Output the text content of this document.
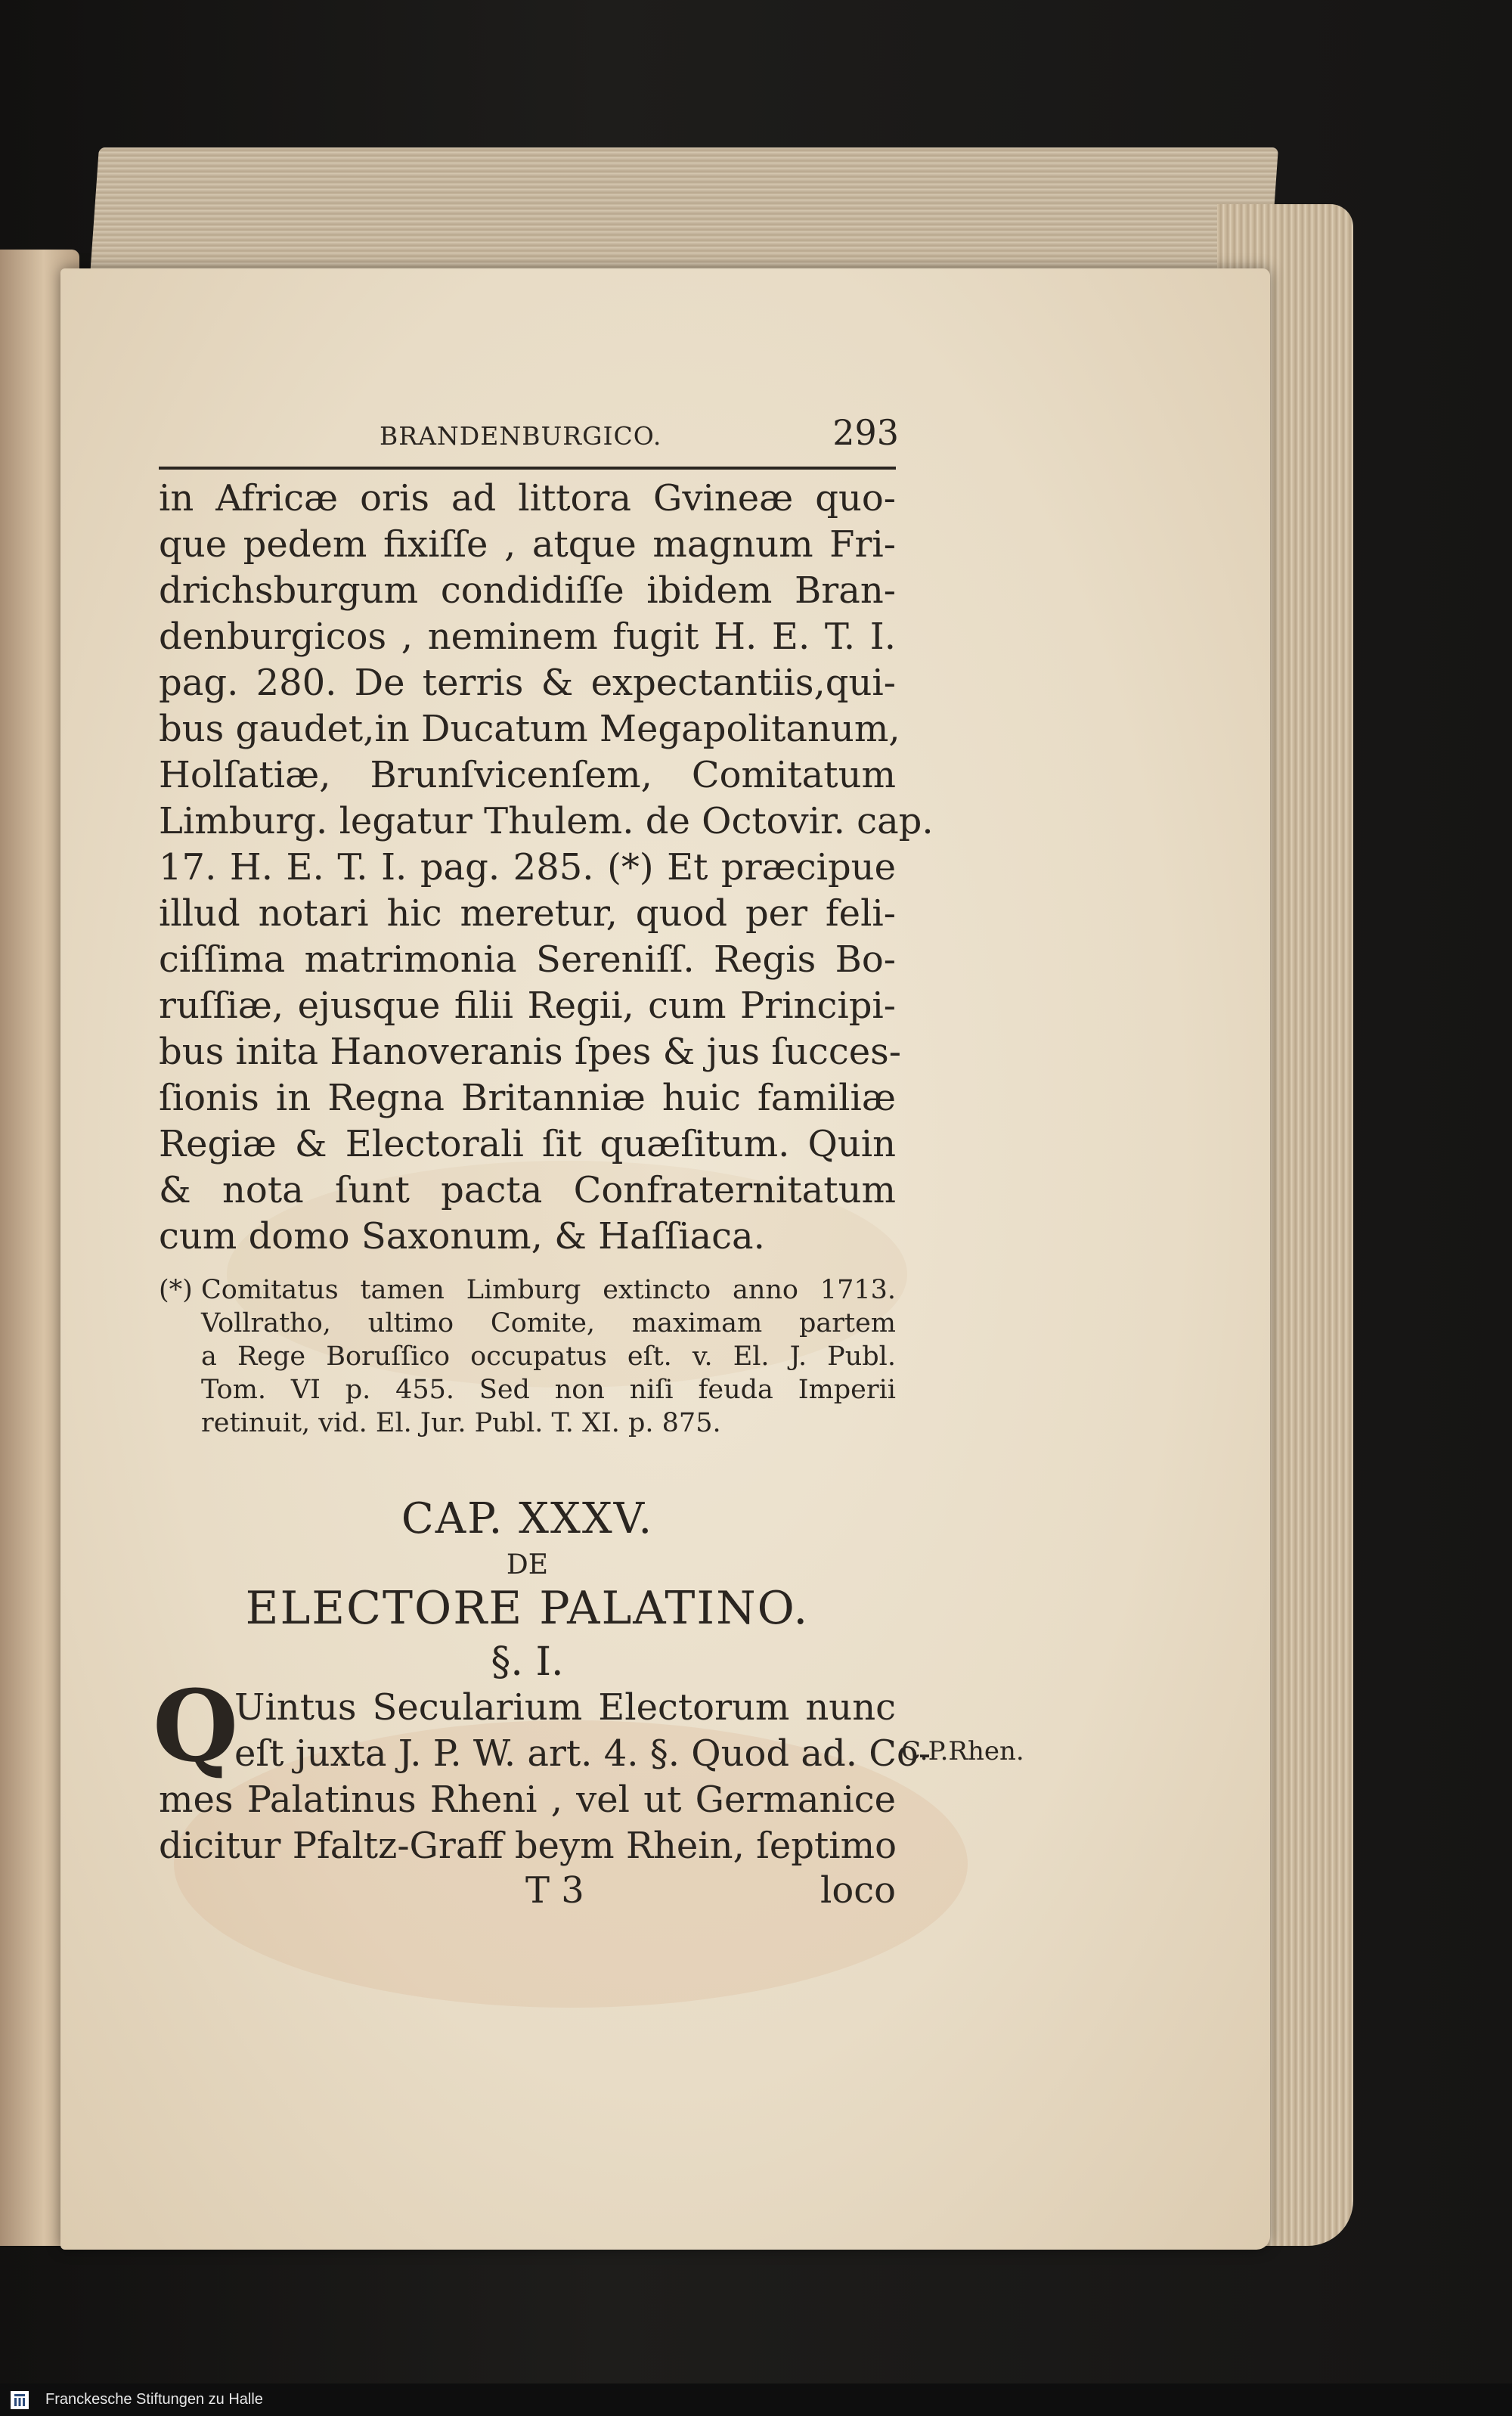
BRANDENBURGICO.	293
in Africæ oris ad littora Gvineæ quo-
que pedem fixiſſe , atque magnum Fri-
drichsburgum condidiſſe ibidem Bran-
denburgicos , neminem fugit H. E. T. I.
pag. 280. De terris & expectantiis,qui-
bus gaudet,in Ducatum Megapolitanum,
Holſatiæ, Brunſvicenſem, Comitatum
Limburg. legatur Thulem. de Octovir. cap.
17. H. E. T. I. pag. 285. (*) Et præcipue
illud notari hic meretur, quod per feli-
ciſſima matrimonia Sereniſſ. Regis Bo-
ruſſiæ, ejusque filii Regii, cum Principi-
bus inita Hanoveranis ſpes & jus ſucces-
ſionis in Regna Britanniæ huic familiæ
Regiæ & Electorali ſit quæſitum. Quin
& nota ſunt pacta Confraternitatum
cum domo Saxonum, & Haſſiaca.
(*) Comitatus tamen Limburg extincto anno 1713.
Vollratho, ultimo Comite, maximam partem
a Rege Boruſſico occupatus eſt. v. El. J. Publ.
Tom. VI p. 455. Sed non niſi feuda Imperii
retinuit, vid. El. Jur. Publ. T. XI. p. 875.
CAP. XXXV.
DE
ELECTORE PALATINO.
§. I.
Q
Uintus Secularium Electorum nunc
eſt juxta J. P. W. art. 4. §. Quod ad. Co-
mes Palatinus Rheni , vel ut Germanice
dicitur Pfaltz-Graff beym Rhein, ſeptimo
T 3	loco
C.P.Rhen.
Franckesche Stiftungen zu Halle
